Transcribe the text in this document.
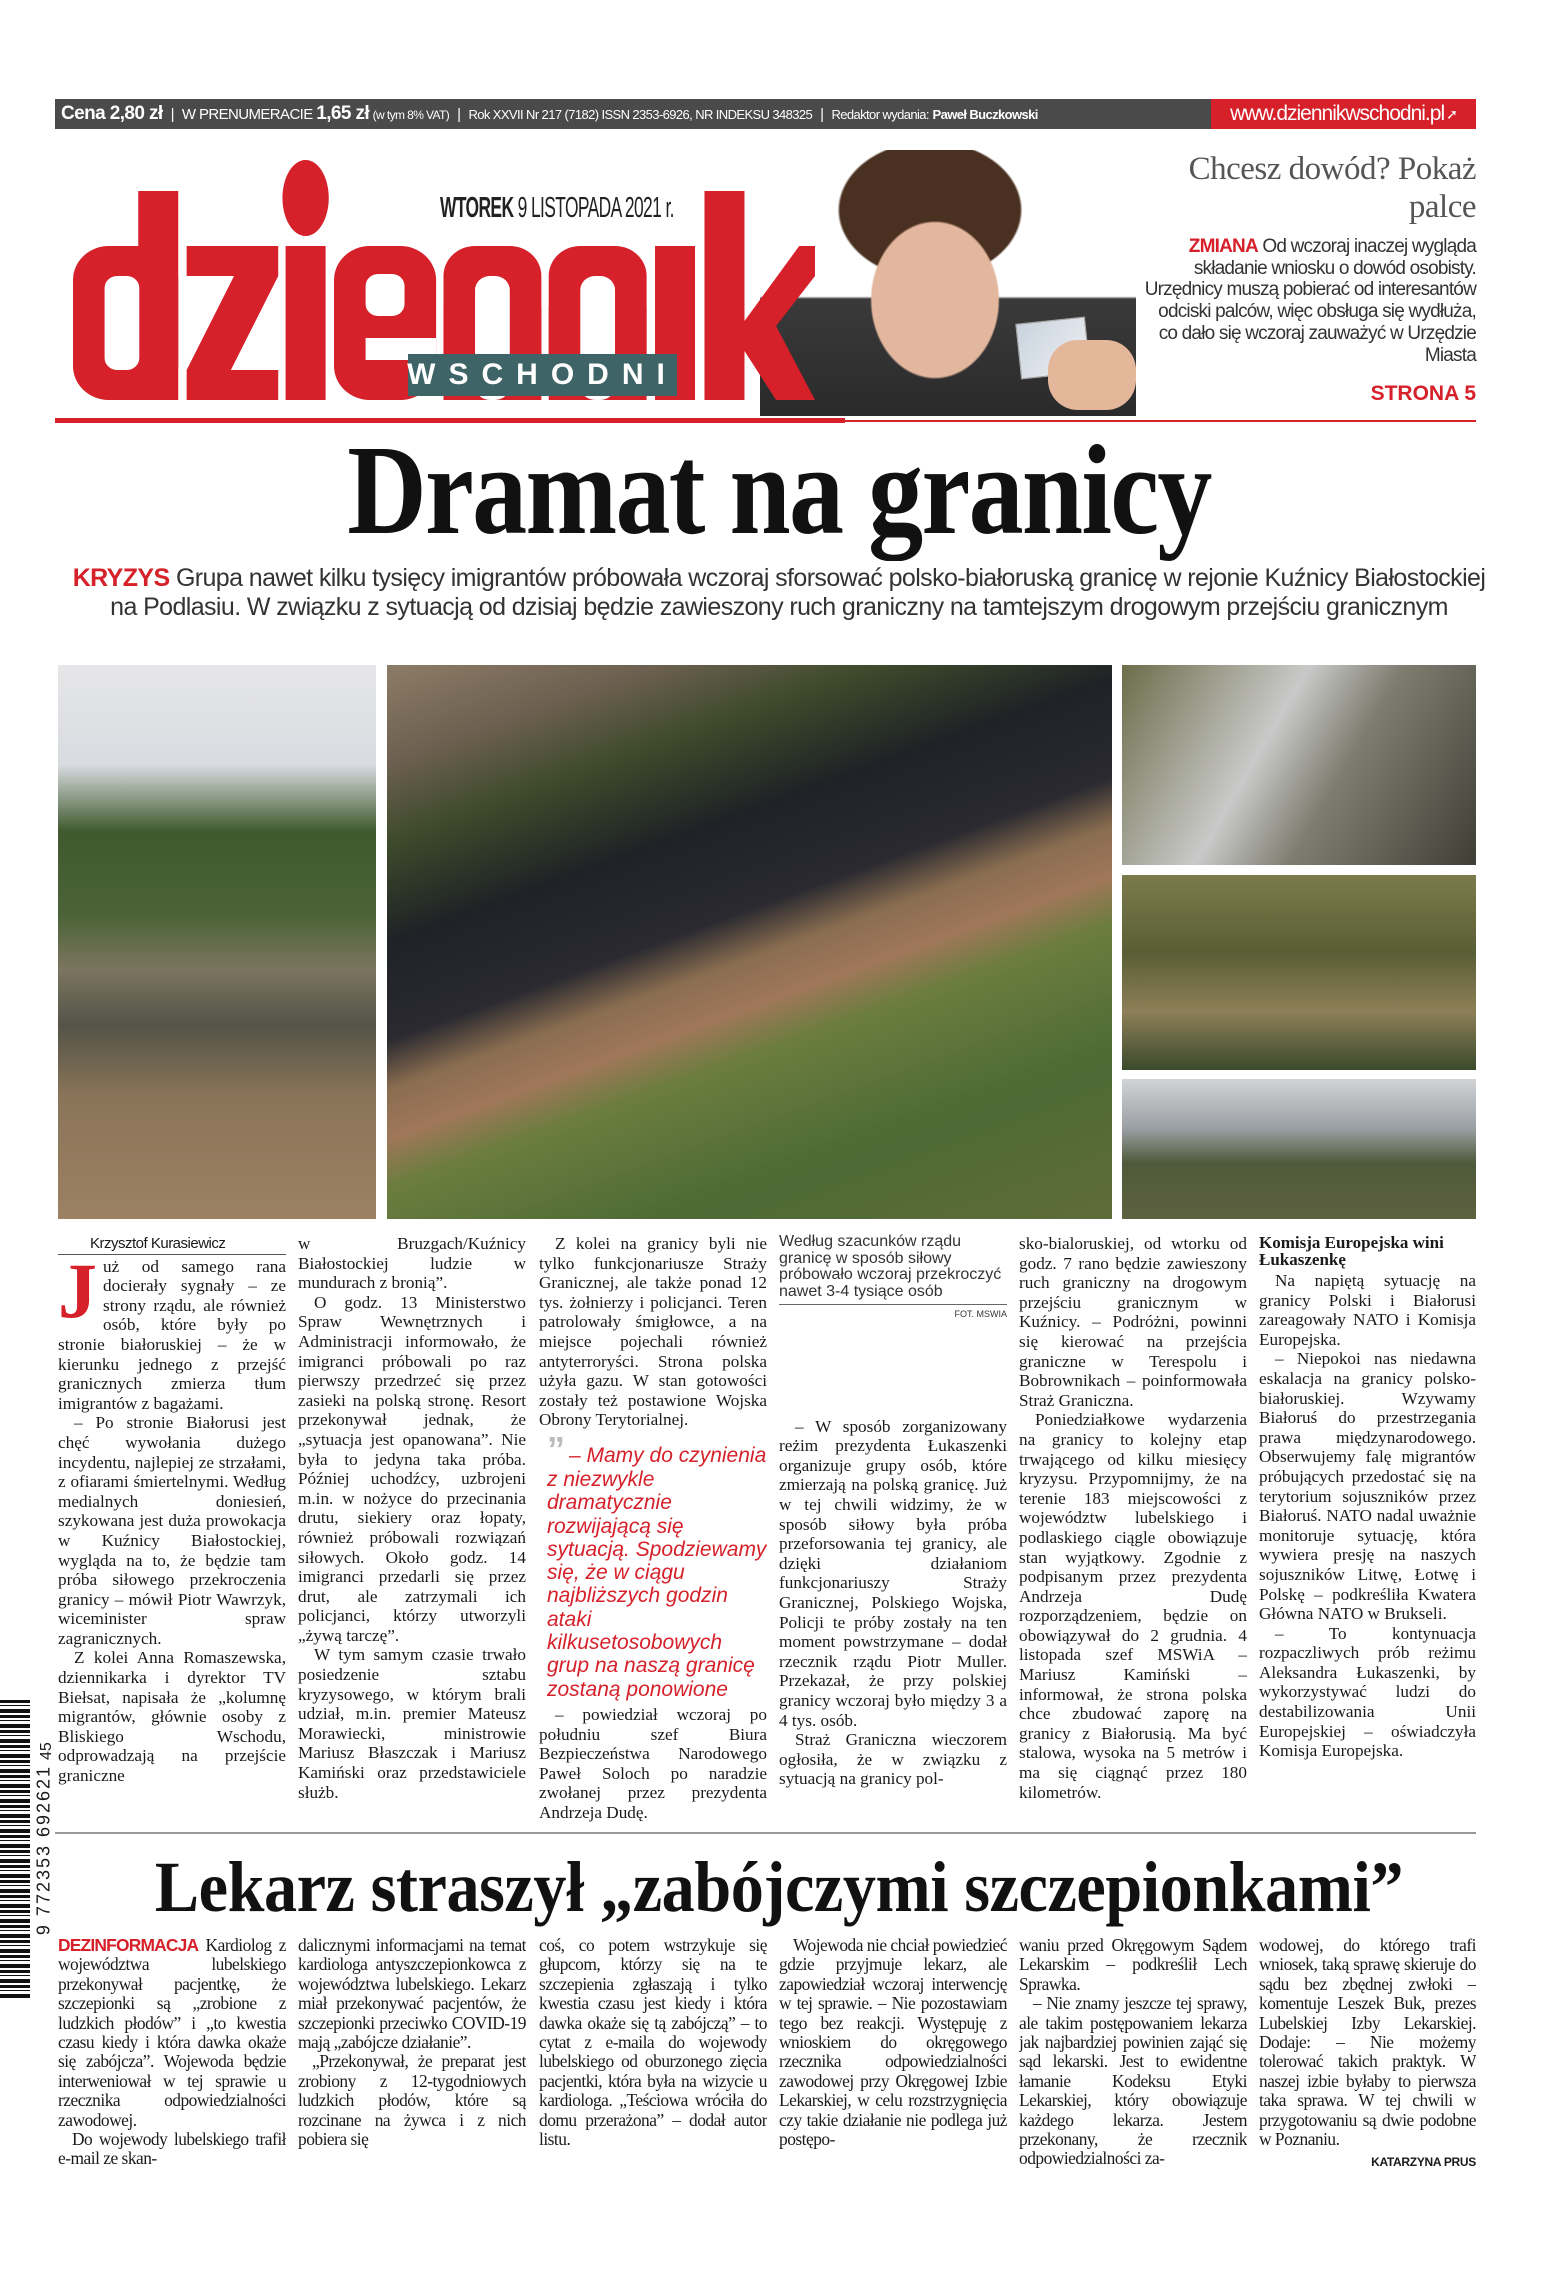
Cena 2,80 zł | W PRENUMERACIE 1,65 zł (w tym 8% VAT) | Rok XXVII Nr 217 (7182) ISSN 2353-6926, NR INDEKSU 348325 | Redaktor wydania: Paweł Buczkowski	www.dziennikwschodni.pl ➚
WSCHODNI
WTOREK 9 LISTOPADA 2021 r.
Chcesz dowód? Pokaż palce

ZMIANA Od wczoraj inaczej wygląda składanie wniosku o dowód osobisty. Urzędnicy muszą pobierać od interesantów odciski palców, więc obsługa się wydłuża, co dało się wczoraj zauważyć w Urzędzie Miasta

STRONA 5
Dramat na granicy

KRYZYS Grupa nawet kilku tysięcy imigrantów próbowała wczoraj sforsować polsko-białoruską granicę w rejonie Kuźnicy Białostockiej na Podlasiu. W związku z sytuacją od dzisiaj będzie zawieszony ruch graniczny na tamtejszym drogowym przejściu granicznym

Krzysztof Kurasiewicz
J uż od samego rana docierały sygnały – ze strony rządu, ale również osób, które były po stronie białoruskiej – że w kierunku jednego z przejść granicznych zmierza tłum imigrantów z bagażami.

– Po stronie Białorusi jest chęć wywołania dużego incydentu, najlepiej ze strzałami, z ofiarami śmiertelnymi. Według medialnych doniesień, szykowana jest duża prowokacja w Kuźnicy Białostockiej, wygląda na to, że będzie tam próba siłowego przekroczenia granicy – mówił Piotr Wawrzyk, wiceminister spraw zagranicznych.

Z kolei Anna Romaszewska, dziennikarka i dyrektor TV Biełsat, napisała że „kolumnę migrantów, głównie osoby z Bliskiego Wschodu, odprowadzają na przejście graniczne

w Bruzgach/Kuźnicy Białostockiej ludzie w mundurach z bronią”.

O godz. 13 Ministerstwo Spraw Wewnętrznych i Administracji informowało, że imigranci próbowali po raz pierwszy przedrzeć się przez zasieki na polską stronę. Resort przekonywał jednak, że „sytuacja jest opanowana”. Nie była to jedyna taka próba. Później uchodźcy, uzbrojeni m.in. w nożyce do przecinania drutu, siekiery oraz łopaty, również próbowali rozwiązań siłowych. Około godz. 14 imigranci przedarli się przez drut, ale zatrzymali ich policjanci, którzy utworzyli „żywą tarczę”.

W tym samym czasie trwało posiedzenie sztabu kryzysowego, w którym brali udział, m.in. premier Mateusz Morawiecki, ministrowie Mariusz Błaszczak i Mariusz Kamiński oraz przedstawiciele służb.

Z kolei na granicy byli nie tylko funkcjonariusze Straży Granicznej, ale także ponad 12 tys. żołnierzy i policjanci. Teren patrolowały śmigłowce, a na miejsce pojechali również antyterroryści. Strona polska użyła gazu. W stan gotowości zostały też postawione Wojska Obrony Terytorialnej.

” – Mamy do czynienia z niezwykle dramatycznie rozwijającą się sytuacją. Spodziewamy się, że w ciągu najbliższych godzin ataki kilkusetosobowych grup na naszą granicę zostaną ponowione

– powiedział wczoraj po południu szef Biura Bezpieczeństwa Narodowego Paweł Soloch po naradzie zwołanej przez prezydenta Andrzeja Dudę.

Według szacunków rządu granicę w sposób siłowy próbowało wczoraj przekroczyć nawet 3-4 tysiące osób
FOT. MSWIA

– W sposób zorganizowany reżim prezydenta Łukaszenki organizuje grupy osób, które zmierzają na polską granicę. Już w tej chwili widzimy, że w sposób siłowy była próba przeforsowania tej granicy, ale dzięki działaniom funkcjonariuszy Straży Granicznej, Polskiego Wojska, Policji te próby zostały na ten moment powstrzymane – dodał rzecznik rządu Piotr Muller. Przekazał, że przy polskiej granicy wczoraj było między 3 a 4 tys. osób.

Straż Graniczna wieczorem ogłosiła, że w związku z sytuacją na granicy pol-

sko-bialoruskiej, od wtorku od godz. 7 rano będzie zawieszony ruch graniczny na drogowym przejściu granicznym w Kuźnicy. – Podróżni, powinni się kierować na przejścia graniczne w Terespolu i Bobrownikach – poinformowała Straż Graniczna.

Poniedziałkowe wydarzenia na granicy to kolejny etap trwającego od kilku miesięcy kryzysu. Przypomnijmy, że na terenie 183 miejscowości z województw lubelskiego i podlaskiego ciągle obowiązuje stan wyjątkowy. Zgodnie z podpisanym przez prezydenta Andrzeja Dudę rozporządzeniem, będzie on obowiązywał do 2 grudnia. 4 listopada szef MSWiA – Mariusz Kamiński – informował, że strona polska chce zbudować zaporę na granicy z Białorusią. Ma być stalowa, wysoka na 5 metrów i ma się ciągnąć przez 180 kilometrów.

Komisja Europejska wini Łukaszenkę

Na napiętą sytuację na granicy Polski i Białorusi zareagowały NATO i Komisja Europejska.

– Niepokoi nas niedawna eskalacja na granicy polsko-białoruskiej. Wzywamy Białoruś do przestrzegania prawa międzynarodowego. Obserwujemy falę migrantów próbujących przedostać się na terytorium sojuszników przez Białoruś. NATO nadal uważnie monitoruje sytuację, która wywiera presję na naszych sojuszników Litwę, Łotwę i Polskę – podkreśliła Kwatera Główna NATO w Brukseli.

– To kontynuacja rozpaczliwych prób reżimu Aleksandra Łukaszenki, by wykorzystywać ludzi do destabilizowania Unii Europejskiej – oświadczyła Komisja Europejska.

9 772353 692621
45
Lekarz straszył „zabójczymi szczepionkami”

DEZINFORMACJA Kardiolog z województwa lubelskiego przekonywał pacjentkę, że szczepionki są „zrobione z ludzkich płodów” i „to kwestia czasu kiedy i która dawka okaże się zabójcza”. Wojewoda będzie interweniował w tej sprawie u rzecznika odpowiedzialności zawodowej.

Do wojewody lubelskiego trafił e-mail ze skan-

dalicznymi informacjami na temat kardiologa antyszczepionkowca z województwa lubelskiego. Lekarz miał przekonywać pacjentów, że szczepionki przeciwko COVID-19 mają „zabójcze działanie”.

„Przekonywał, że preparat jest zrobiony z 12-tygodniowych ludzkich płodów, które są rozcinane na żywca i z nich pobiera się

coś, co potem wstrzykuje się głupcom, którzy się na te szczepienia zgłaszają i tylko kwestia czasu jest kiedy i która dawka okaże się tą zabójczą” – to cytat z e-maila do wojewody lubelskiego od oburzonego zięcia pacjentki, która była na wizycie u kardiologa. „Teściowa wróciła do domu przerażona” – dodał autor listu.

Wojewoda nie chciał powiedzieć gdzie przyjmuje lekarz, ale zapowiedział wczoraj interwencję w tej sprawie. – Nie pozostawiam tego bez reakcji. Występuję z wnioskiem do okręgowego rzecznika odpowiedzialności zawodowej przy Okręgowej Izbie Lekarskiej, w celu rozstrzygnięcia czy takie działanie nie podlega już postępo-

waniu przed Okręgowym Sądem Lekarskim – podkreślił Lech Sprawka.

– Nie znamy jeszcze tej sprawy, ale takim postępowaniem lekarza jak najbardziej powinien zająć się sąd lekarski. Jest to ewidentne łamanie Kodeksu Etyki Lekarskiej, który obowiązuje każdego lekarza. Jestem przekonany, że rzecznik odpowiedzialności za-

wodowej, do którego trafi wniosek, taką sprawę skieruje do sądu bez zbędnej zwłoki – komentuje Leszek Buk, prezes Lubelskiej Izby Lekarskiej. Dodaje: – Nie możemy tolerować takich praktyk. W naszej izbie byłaby to pierwsza taka sprawa. W tej chwili w przygotowaniu są dwie podobne w Poznaniu.

KATARZYNA PRUS
